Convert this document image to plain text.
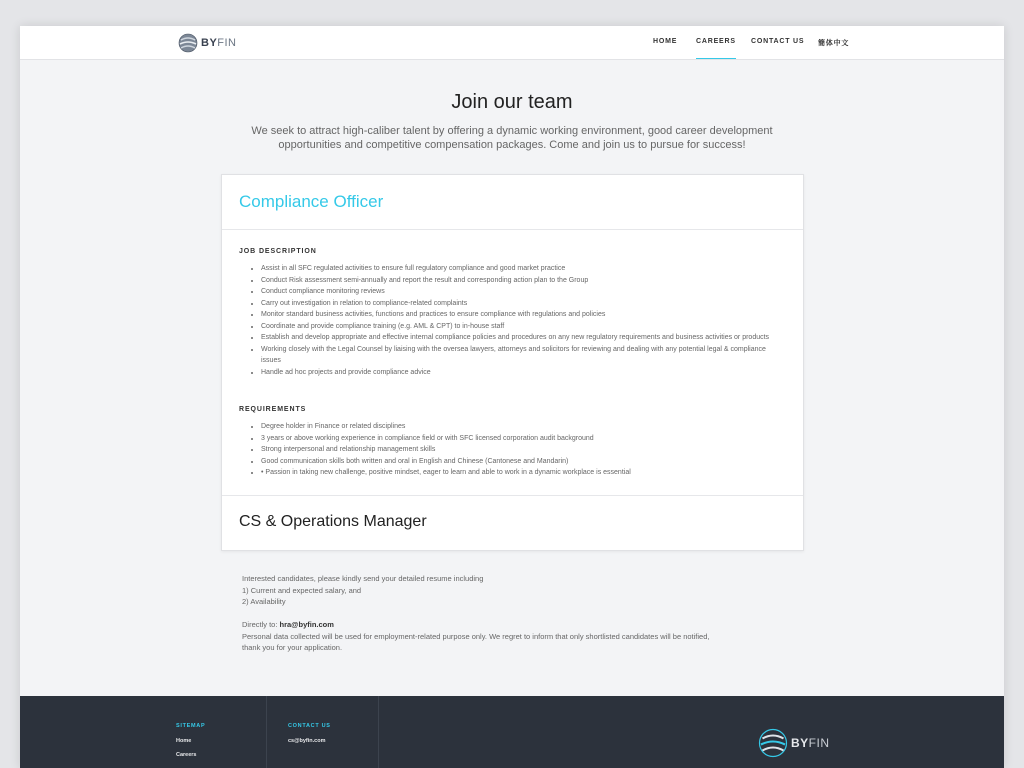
BYFIN	HOME	CAREERS CONTACT US 簡体中文
Join our team
We seek to attract high-caliber talent by offering a dynamic working environment, good career development opportunities and competitive compensation packages. Come and join us to pursue for success!
Compliance Officer
JOB DESCRIPTION
• Assist in all SFC regulated activities to ensure full regulatory compliance and good market practice
• Conduct Risk assessment semi-annually and report the result and corresponding action plan to the Group
• Conduct compliance monitoring reviews
• Carry out investigation in relation to compliance-related complaints
• Monitor standard business activities, functions and practices to ensure compliance with regulations and policies
• Coordinate and provide compliance training (e.g. AML & CPT) to in-house staff
• Establish and develop appropriate and effective internal compliance policies and procedures on any new regulatory requirements and business activities or products
• Working closely with the Legal Counsel by liaising with the oversea lawyers, attorneys and solicitors for reviewing and dealing with any potential legal & compliance issues
• Handle ad hoc projects and provide compliance advice
REQUIREMENTS
• Degree holder in Finance or related disciplines
• 3 years or above working experience in compliance field or with SFC licensed corporation audit background
• Strong interpersonal and relationship management skills
• Good communication skills both written and oral in English and Chinese (Cantonese and Mandarin)
• • Passion in taking new challenge, positive mindset, eager to learn and able to work in a dynamic workplace is essential
CS & Operations Manager

Interested candidates, please kindly send your detailed resume including

1) Current and expected salary, and

2) Availability

Directly to: hra@byfin.com

Personal data collected will be used for employment-related purpose only. We regret to inform that only shortlisted candidates will be notified,

thank you for your application.

SITEMAP
Home
Careers
CONTACT US
cs@byfin.com	BYFIN
